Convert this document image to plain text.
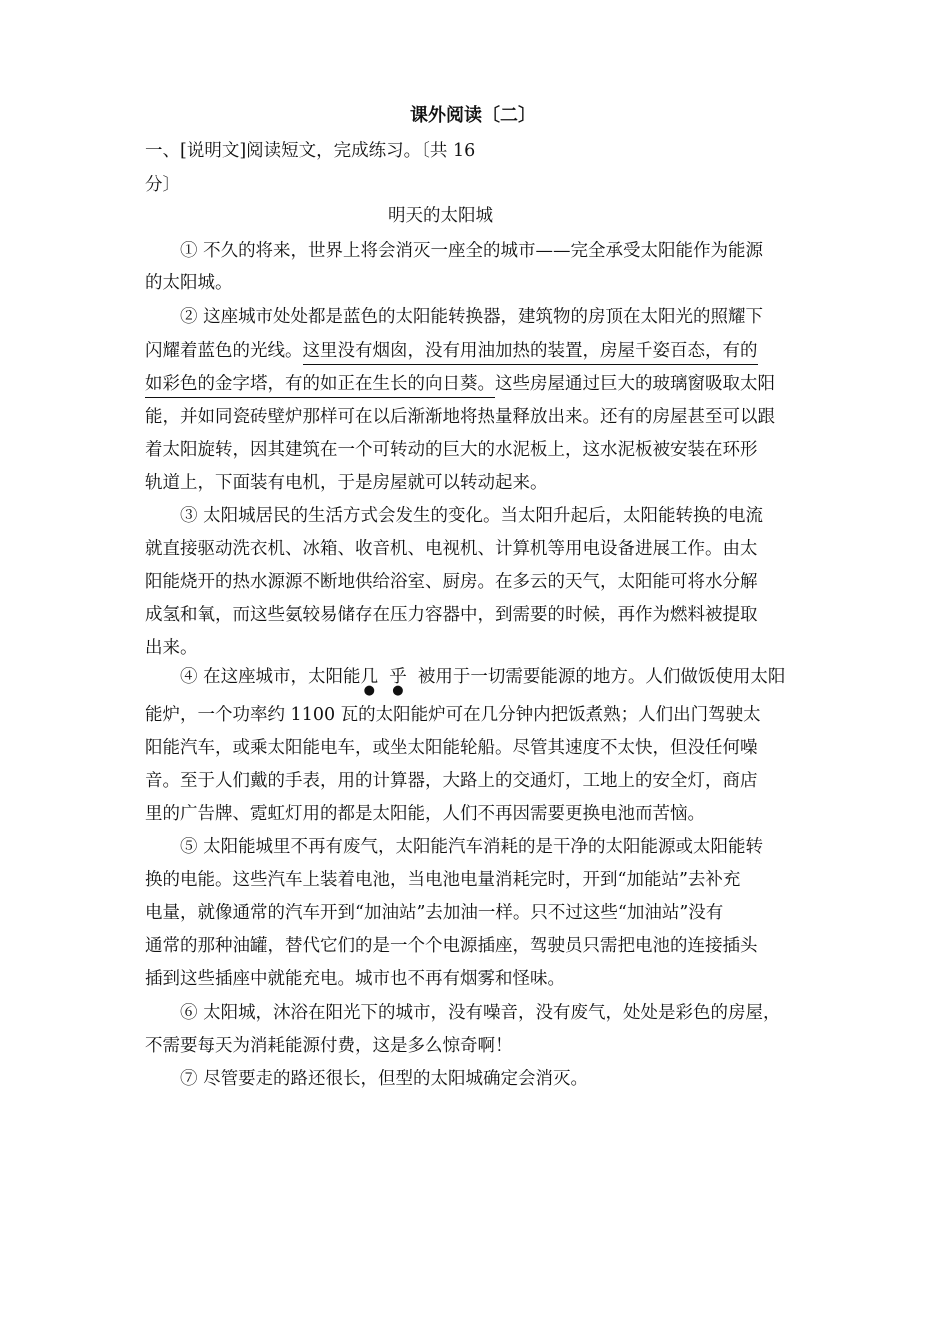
课外阅读〔二〕
一、[说明文]阅读短文，完成练习。〔共 16
分〕
明天的太阳城
① 不久的将来，世界上将会消灭一座全的城市——完全承受太阳能作为能源
的太阳城。
② 这座城市处处都是蓝色的太阳能转换器，建筑物的房顶在太阳光的照耀下
闪耀着蓝色的光线。这里没有烟囱，没有用油加热的装置，房屋千姿百态，有的
如彩色的金字塔，有的如正在生长的向日葵。这些房屋通过巨大的玻璃窗吸取太阳
能，并如同瓷砖壁炉那样可在以后渐渐地将热量释放出来。还有的房屋甚至可以跟
着太阳旋转，因其建筑在一个可转动的巨大的水泥板上，这水泥板被安装在环形
轨道上，下面装有电机，于是房屋就可以转动起来。
③ 太阳城居民的生活方式会发生的变化。当太阳升起后，太阳能转换的电流
就直接驱动洗衣机、冰箱、收音机、电视机、计算机等用电设备进展工作。由太
阳能烧开的热水源源不断地供给浴室、厨房。在多云的天气，太阳能可将水分解
成氢和氧，而这些氨较易储存在压力容器中，到需要的时候，再作为燃料被提取
出来。
④ 在这座城市，太阳能几
●
乎
●
被用于一切需要能源的地方。人们做饭使用太阳
能炉，一个功率约 1100 瓦的太阳能炉可在几分钟内把饭煮熟；人们出门驾驶太
阳能汽车，或乘太阳能电车，或坐太阳能轮船。尽管其速度不太快，但没任何噪
音。至于人们戴的手表，用的计算器，大路上的交通灯，工地上的安全灯，商店
里的广告牌、霓虹灯用的都是太阳能，人们不再因需要更换电池而苦恼。
⑤ 太阳能城里不再有废气，太阳能汽车消耗的是干净的太阳能源或太阳能转
换的电能。这些汽车上装着电池，当电池电量消耗完时，开到“加能站”去补充
电量，就像通常的汽车开到“加油站”去加油一样。只不过这些“加油站”没有
通常的那种油罐，替代它们的是一个个电源插座，驾驶员只需把电池的连接插头
插到这些插座中就能充电。城市也不再有烟雾和怪味。
⑥ 太阳城，沐浴在阳光下的城市，没有噪音，没有废气，处处是彩色的房屋，
不需要每天为消耗能源付费，这是多么惊奇啊！
⑦ 尽管要走的路还很长，但型的太阳城确定会消灭。
